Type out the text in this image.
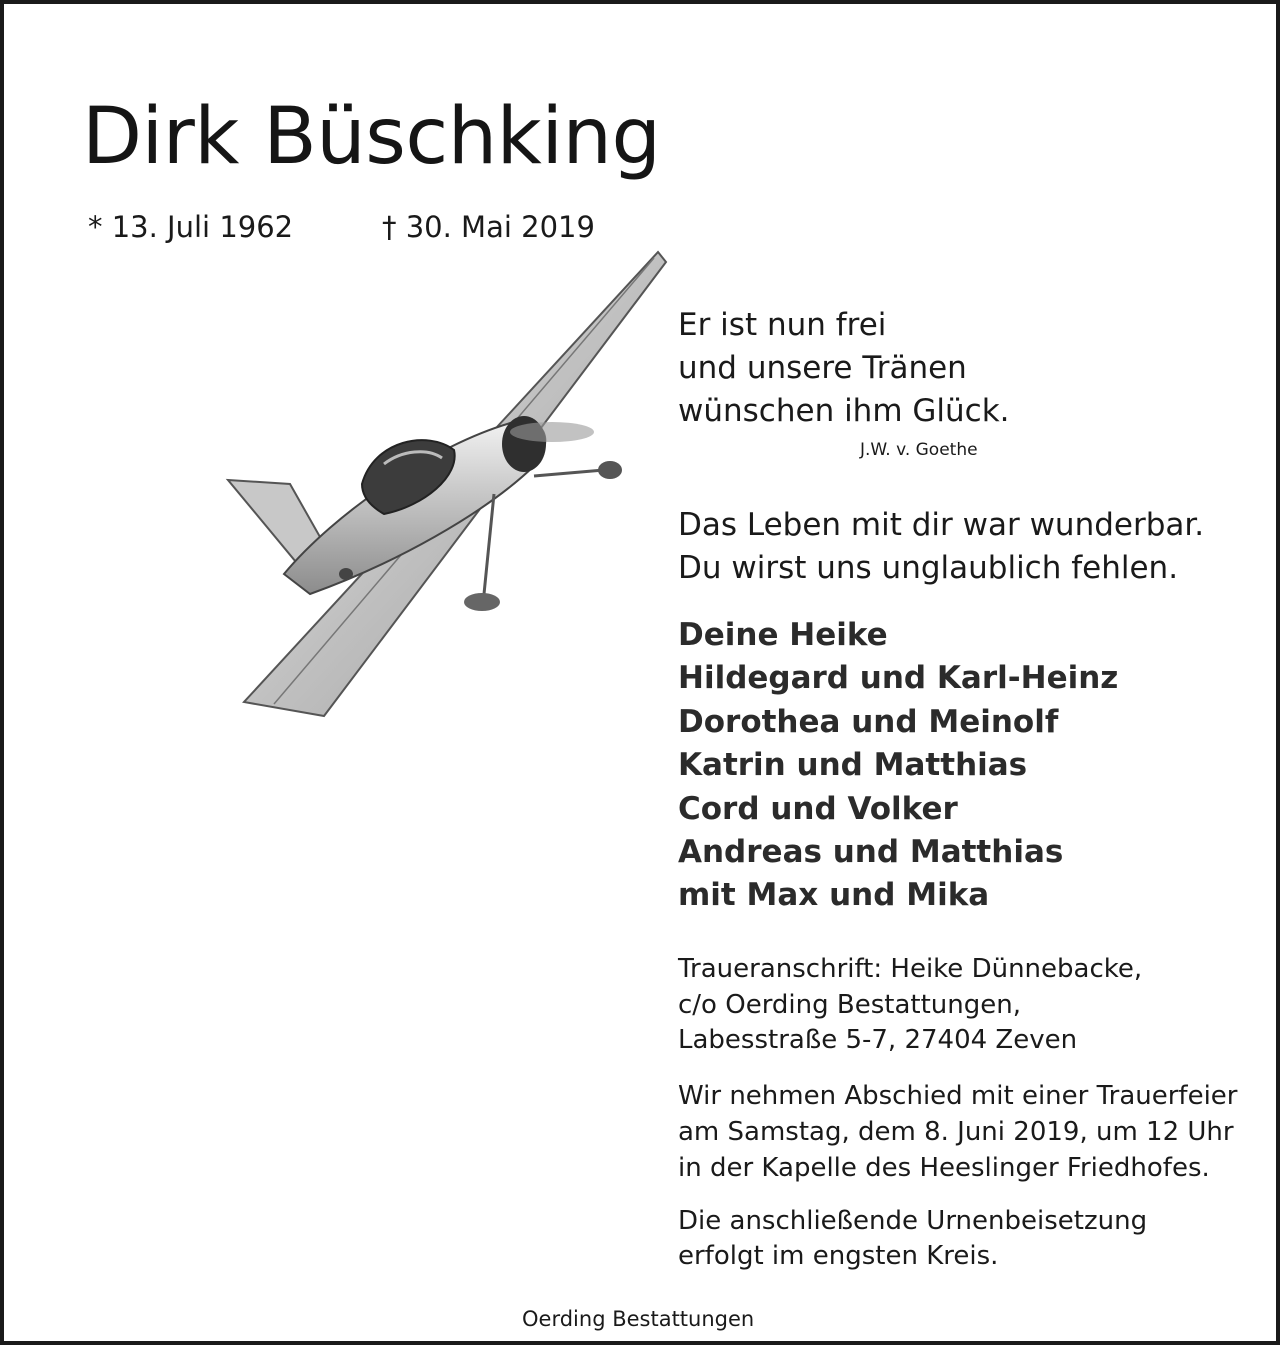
Dirk Büschking
* 13. Juli 1962	† 30. Mai 2019
Er ist nun frei
und unsere Tränen
wünschen ihm Glück.
J.W. v. Goethe
Das Leben mit dir war wunderbar.
Du wirst uns unglaublich fehlen.
Deine Heike
Hildegard und Karl-Heinz
Dorothea und Meinolf
Katrin und Matthias
Cord und Volker
Andreas und Matthias
mit Max und Mika
Traueranschrift: Heike Dünnebacke,
c/o Oerding Bestattungen,
Labesstraße 5-7, 27404 Zeven
Wir nehmen Abschied mit einer Trauerfeier
am Samstag, dem 8. Juni 2019, um 12 Uhr
in der Kapelle des Heeslinger Friedhofes.
Die anschließende Urnenbeisetzung
erfolgt im engsten Kreis.
Oerding Bestattungen
